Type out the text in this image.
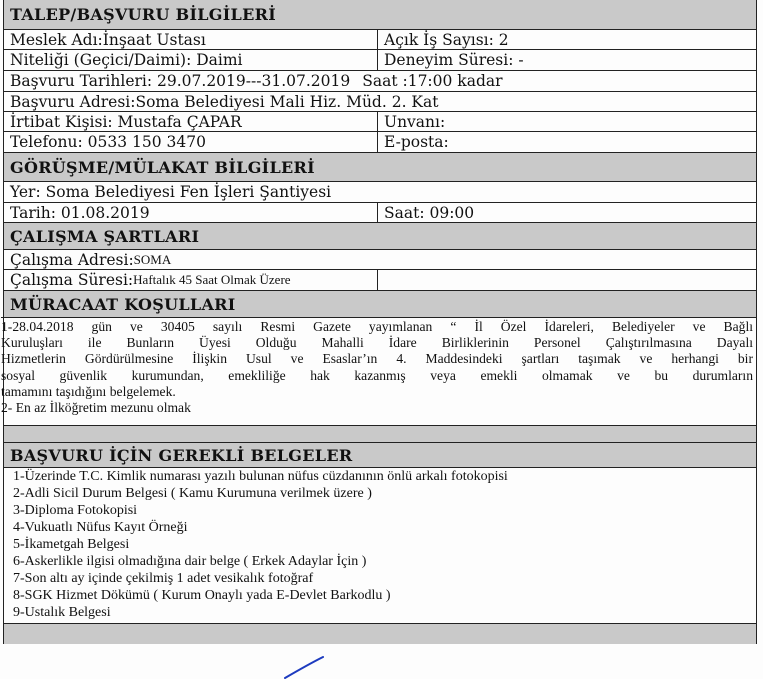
TALEP/BAŞVURU BİLGİLERİ
Meslek Adı:İnşaat Ustası	Açık İş Sayısı: 2
Niteliği (Geçici/Daimi): Daimi	Deneyim Süresi: -
Başvuru Tarihleri: 29.07.2019---31.07.2019 Saat :17:00 kadar
Başvuru Adresi:Soma Belediyesi Mali Hiz. Müd. 2. Kat
İrtibat Kişisi: Mustafa ÇAPAR	Unvanı:
Telefonu: 0533 150 3470	E-posta:
GÖRÜŞME/MÜLAKAT BİLGİLERİ
Yer: Soma Belediyesi Fen İşleri Şantiyesi
Tarih: 01.08.2019	Saat: 09:00
ÇALIŞMA ŞARTLARI
Çalışma Adresi: SOMA
Çalışma Süresi: Haftalık 45 Saat Olmak Üzere
MÜRACAAT KOŞULLARI

1-28.04.2018 gün ve 30405 sayılı Resmi Gazete yayımlanan “ İl Özel İdareleri, Belediyeler ve Bağlı

Kuruluşları ile Bunların Üyesi Olduğu Mahalli İdare Birliklerinin Personel Çalıştırılmasına Dayalı

Hizmetlerin Gördürülmesine İlişkin Usul ve Esaslar’ın 4. Maddesindeki şartları taşımak ve herhangi bir

sosyal güvenlik kurumundan, emekliliğe hak kazanmış veya emekli olmamak ve bu durumların

tamamını taşıdığını belgelemek.

2- En az İlköğretim mezunu olmak

BAŞVURU İÇİN GEREKLİ BELGELER
1-Üzerinde T.C. Kimlik numarası yazılı bulunan nüfus cüzdanının önlü arkalı fotokopisi
2-Adli Sicil Durum Belgesi ( Kamu Kurumuna verilmek üzere )
3-Diploma Fotokopisi
4-Vukuatlı Nüfus Kayıt Örneği
5-İkametgah Belgesi
6-Askerlikle ilgisi olmadığına dair belge ( Erkek Adaylar İçin )
7-Son altı ay içinde çekilmiş 1 adet vesikalık fotoğraf
8-SGK Hizmet Dökümü ( Kurum Onaylı yada E-Devlet Barkodlu )
9-Ustalık Belgesi
